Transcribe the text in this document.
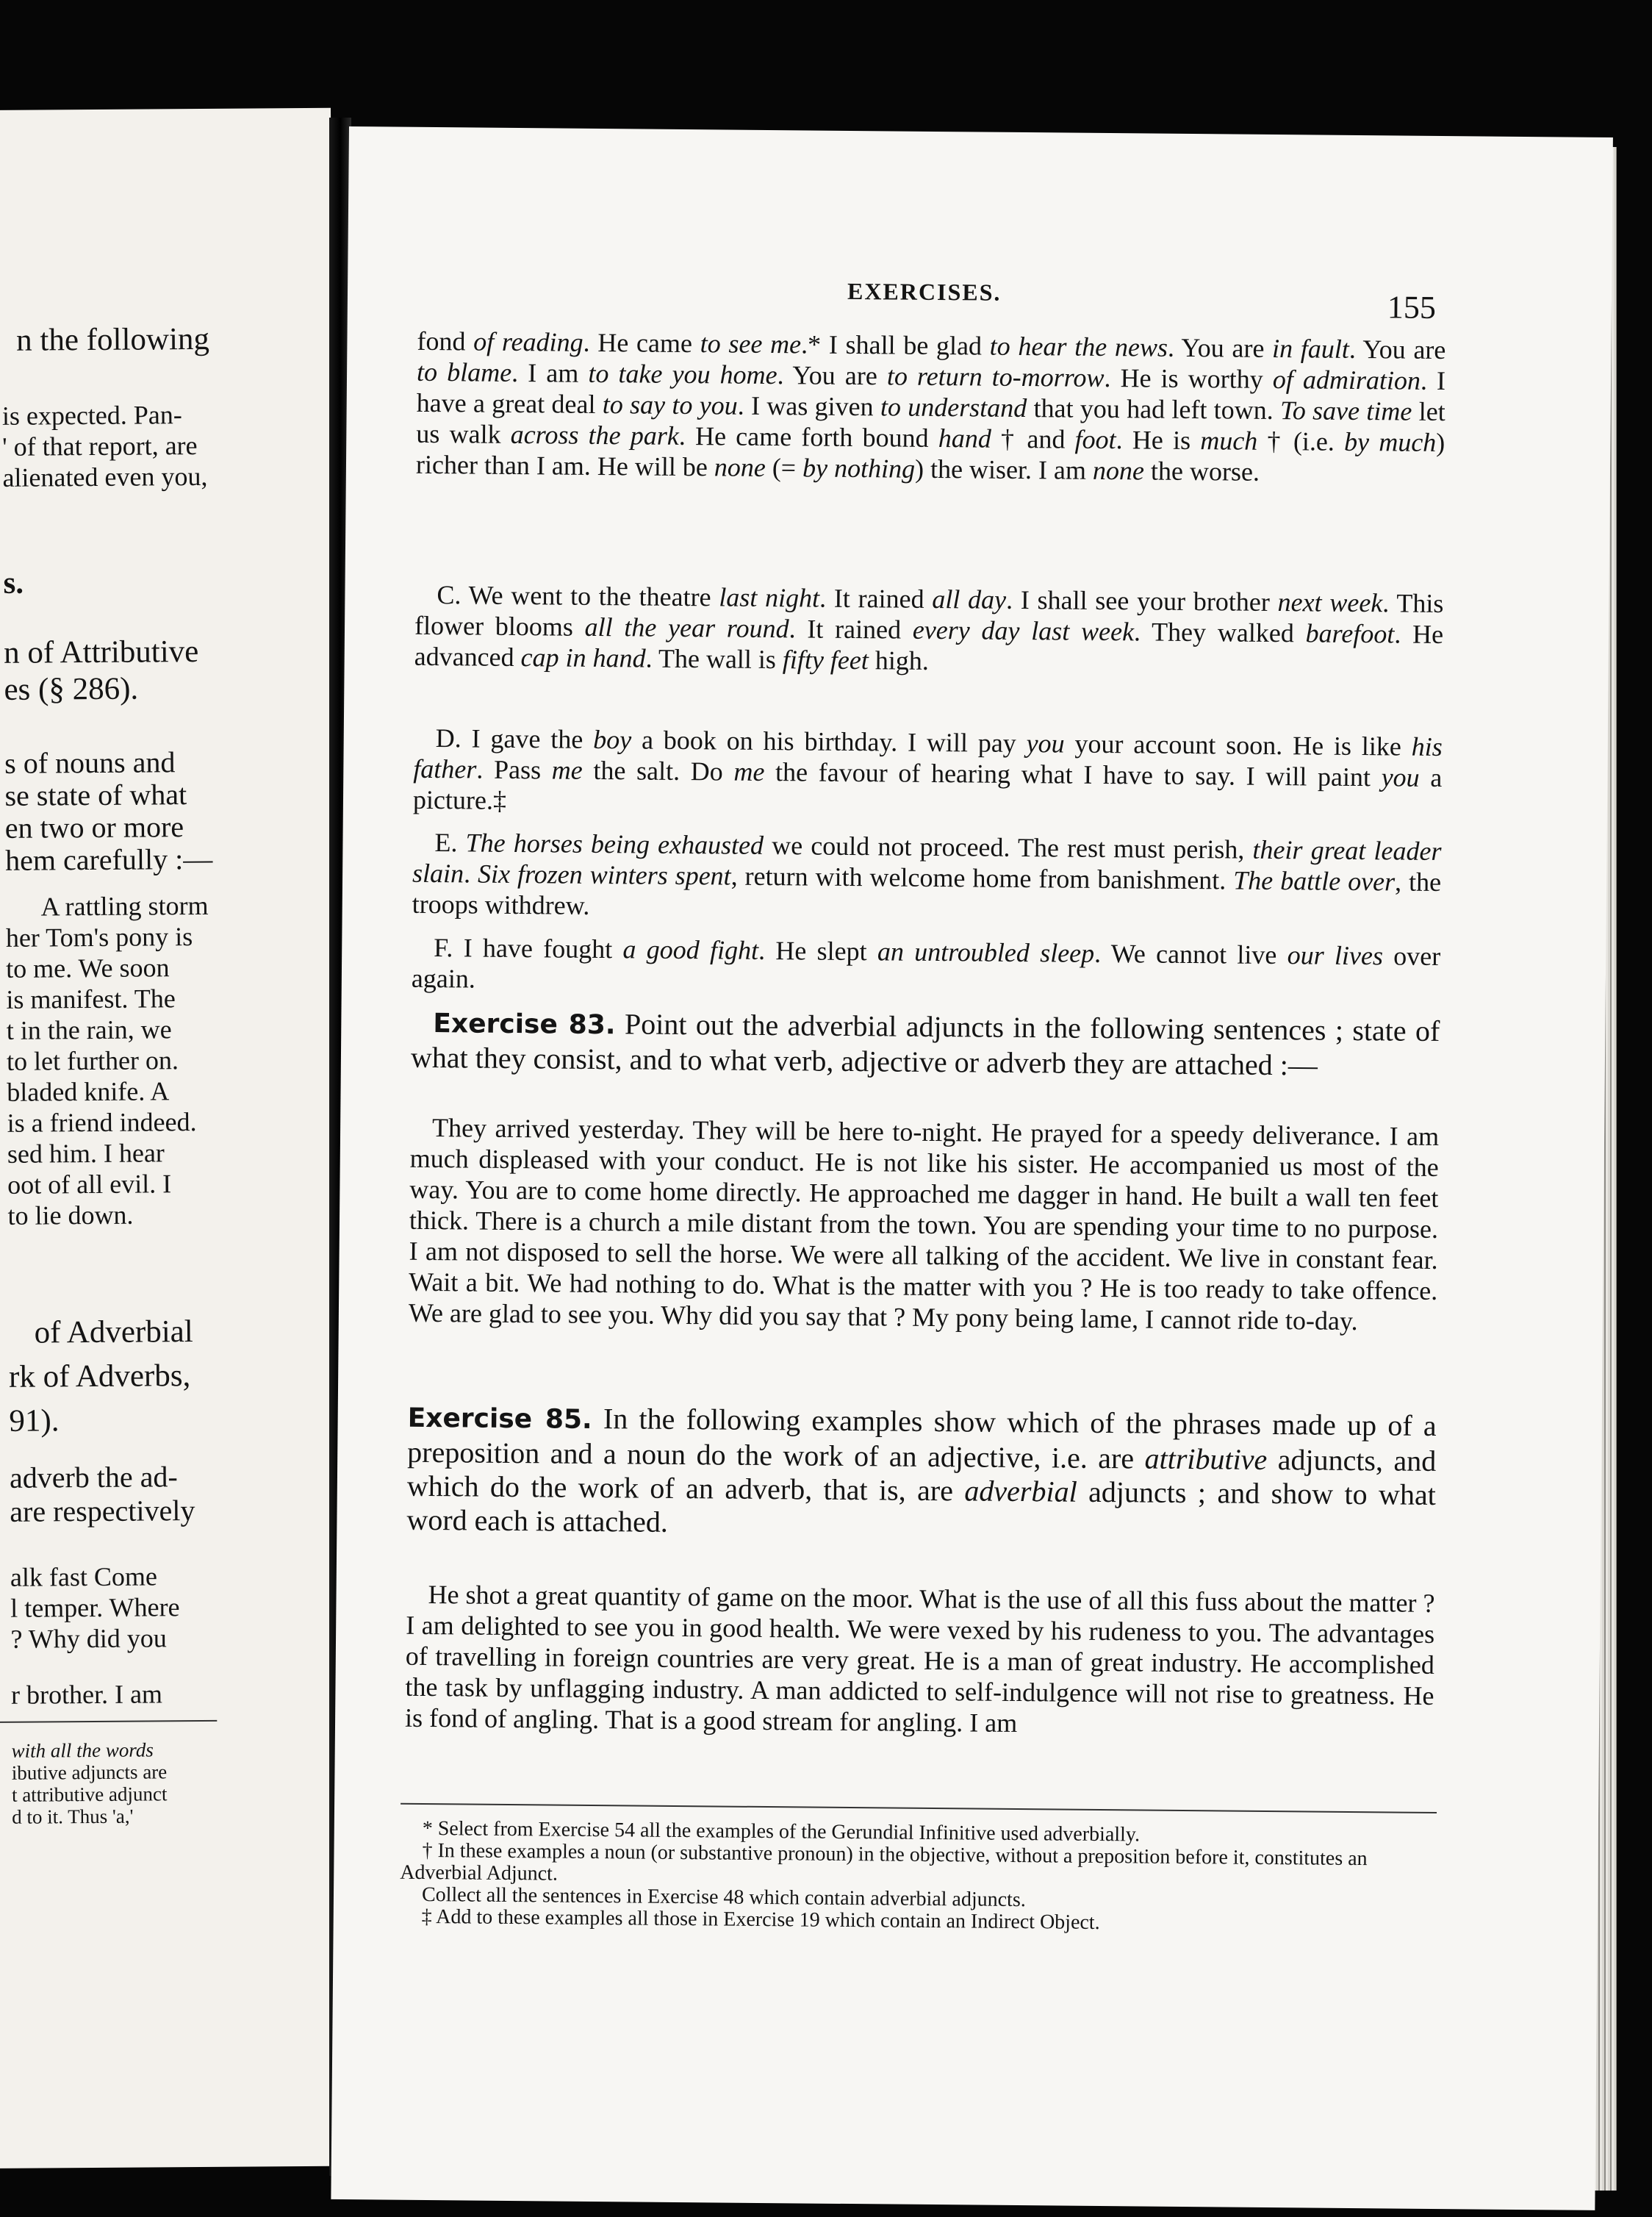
n the following
is expected. Pan-
' of that report, are
alienated even you,
s.
n of Attributive
es (§ 286).
s of nouns and
se state of what
en two or more
hem carefully :—
A rattling storm
her Tom's pony is
to me. We soon
is manifest. The
t in the rain, we
to let further on.
bladed knife. A
is a friend indeed.
sed him. I hear
oot of all evil. I
to lie down.
of Adverbial
rk of Adverbs,
91).
adverb the ad-
are respectively
alk fast Come
l temper. Where
? Why did you
r brother. I am
with all the words
ibutive adjuncts are
t attributive adjunct
d to it. Thus 'a,'
EXERCISES.	155
fond of reading. He came to see me.* I shall be glad to hear the news. You are in fault. You are to blame. I am to take you home. You are to return to-morrow. He is worthy of admiration. I have a great deal to say to you. I was given to understand that you had left town. To save time let us walk across the park. He came forth bound hand † and foot. He is much † (i.e. by much) richer than I am. He will be none (= by nothing) the wiser. I am none the worse.
C. We went to the theatre last night. It rained all day. I shall see your brother next week. This flower blooms all the year round. It rained every day last week. They walked barefoot. He advanced cap in hand. The wall is fifty feet high.
D. I gave the boy a book on his birthday. I will pay you your account soon. He is like his father. Pass me the salt. Do me the favour of hearing what I have to say. I will paint you a picture.‡
E. The horses being exhausted we could not proceed. The rest must perish, their great leader slain. Six frozen winters spent, return with welcome home from banishment. The battle over, the troops withdrew.
F. I have fought a good fight. He slept an untroubled sleep. We cannot live our lives over again.
Exercise 83. Point out the adverbial adjuncts in the following sentences ; state of what they consist, and to what verb, adjective or adverb they are attached :—
They arrived yesterday. They will be here to-night. He prayed for a speedy deliverance. I am much displeased with your conduct. He is not like his sister. He accompanied us most of the way. You are to come home directly. He approached me dagger in hand. He built a wall ten feet thick. There is a church a mile distant from the town. You are spending your time to no purpose. I am not disposed to sell the horse. We were all talking of the accident. We live in constant fear. Wait a bit. We had nothing to do. What is the matter with you ? He is too ready to take offence. We are glad to see you. Why did you say that ? My pony being lame, I cannot ride to-day.
Exercise 85. In the following examples show which of the phrases made up of a preposition and a noun do the work of an adjective, i.e. are attributive adjuncts, and which do the work of an adverb, that is, are adverbial adjuncts ; and show to what word each is attached.
He shot a great quantity of game on the moor. What is the use of all this fuss about the matter ? I am delighted to see you in good health. We were vexed by his rudeness to you. The advantages of travelling in foreign countries are very great. He is a man of great industry. He accomplished the task by unflagging industry. A man addicted to self-indulgence will not rise to greatness. He is fond of angling. That is a good stream for angling. I am
* Select from Exercise 54 all the examples of the Gerundial Infinitive used adverbially.
† In these examples a noun (or substantive pronoun) in the objective, without a preposition before it, constitutes an Adverbial Adjunct.
Collect all the sentences in Exercise 48 which contain adverbial adjuncts.
‡ Add to these examples all those in Exercise 19 which contain an Indirect Object.
